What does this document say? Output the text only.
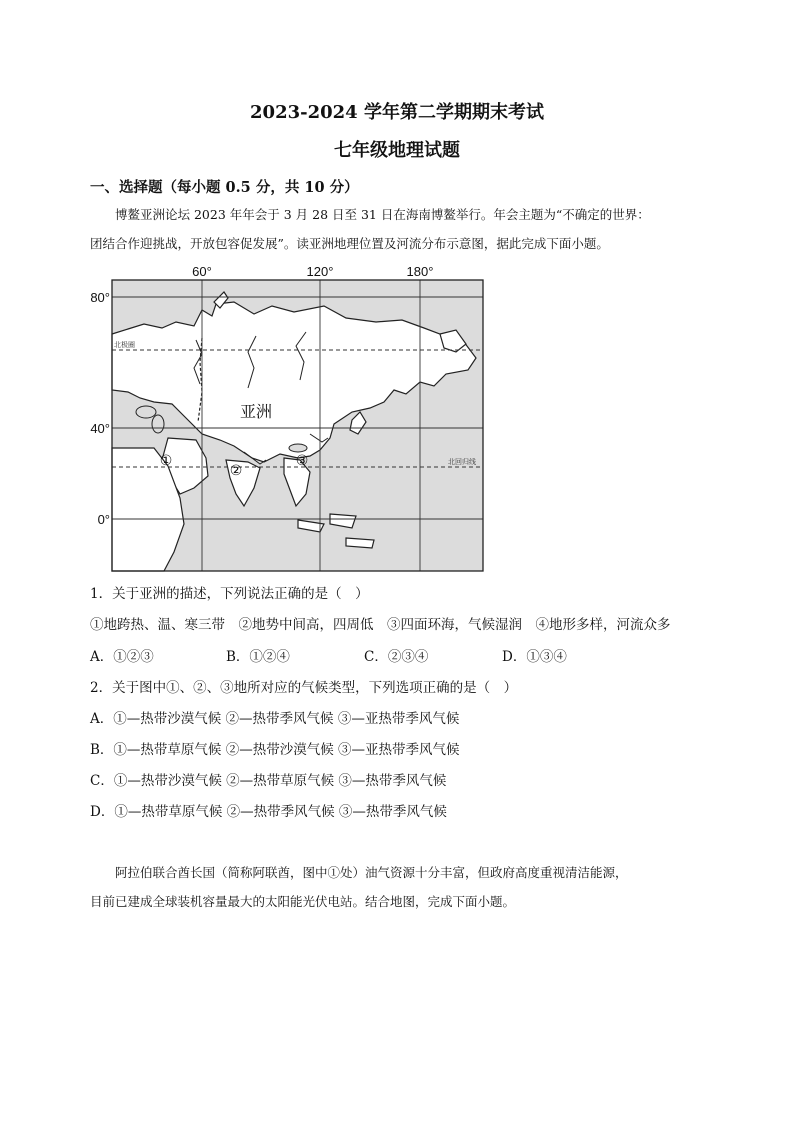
2023-2024 学年第二学期期末考试
七年级地理试题
一、选择题（每小题 0.5 分，共 10 分）
博鳌亚洲论坛 2023 年年会于 3 月 28 日至 31 日在海南博鳌举行。年会主题为“不确定的世界：
团结合作迎挑战，开放包容促发展”。读亚洲地理位置及河流分布示意图，据此完成下面小题。
60°	120°	180°
80°
40°
0°
北极圈
北回归线
亚洲
①
②
③
1．关于亚洲的描述，下列说法正确的是（　）
①地跨热、温、寒三带　②地势中间高，四周低　③四面环海，气候湿润　④地形多样，河流众多
A．①②③	B．①②④	C．②③④	D．①③④
2．关于图中①、②、③地所对应的气候类型，下列选项正确的是（　）
A．①—热带沙漠气候 ②—热带季风气候 ③—亚热带季风气候
B．①—热带草原气候 ②—热带沙漠气候 ③—亚热带季风气候
C．①—热带沙漠气候 ②—热带草原气候 ③—热带季风气候
D．①—热带草原气候 ②—热带季风气候 ③—热带季风气候
阿拉伯联合酋长国（简称阿联酋，图中①处）油气资源十分丰富，但政府高度重视清洁能源，
目前已建成全球装机容量最大的太阳能光伏电站。结合地图，完成下面小题。
